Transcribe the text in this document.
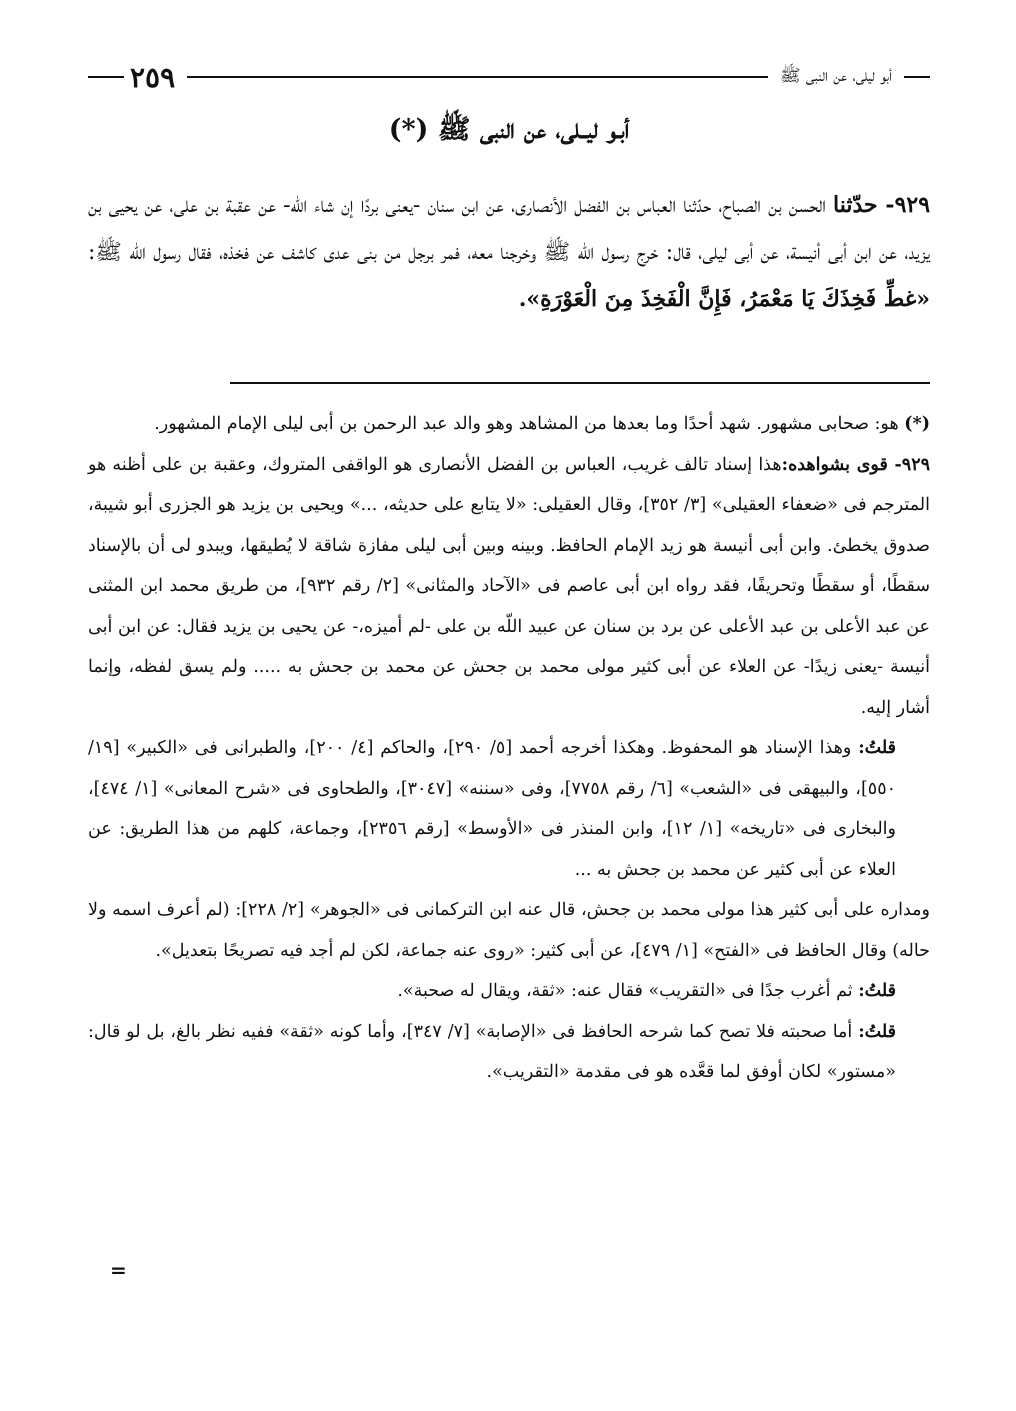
أبو ليلى، عن النبى ﷺ
٢٥٩
أبـو ليــلى، عن النبى ﷺ (*)
٩٢٩- حدّثنا الحسن بن الصباح، حدّثنا العباس بن الفضل الأنصارى، عن ابن سنان -يعنى بردًا إن شاء اللّه- عن عقبة بن على، عن يحيى بن يزيد، عن ابن أبى أنيسة، عن أبى ليلى، قال: خرج رسول اللّه ﷺ وخرجنا معه، فمر برجل من بنى عدى كاشف عن فخذه، فقال رسول اللّه ﷺ: «غطِّ فَخِذَكَ يَا مَعْمَرُ، فَإِنَّ الْفَخِذَ مِنَ الْعَوْرَةِ».

(*) هو: صحابى مشهور. شهد أحدًا وما بعدها من المشاهد وهو والد عبد الرحمن بن أبى ليلى الإمام المشهور.

٩٢٩- قوى بشواهده:هذا إسناد تالف غريب، العباس بن الفضل الأنصارى هو الواقفى المتروك، وعقبة بن على أظنه هو المترجم فى «ضعفاء العقيلى» [٣/ ٣٥٢]، وقال العقيلى: «لا يتابع على حديثه، ...» ويحيى بن يزيد هو الجزرى أبو شيبة، صدوق يخطئ. وابن أبى أنيسة هو زيد الإمام الحافظ. وبينه وبين أبى ليلى مفازة شاقة لا يُطيقها، ويبدو لى أن بالإسناد سقطًا، أو سقطًا وتحريفًا، فقد رواه ابن أبى عاصم فى «الآحاد والمثانى» [٢/ رقم ٩٣٢]، من طريق محمد ابن المثنى عن عبد الأعلى بن عبد الأعلى عن برد بن سنان عن عبيد اللّه بن على -لم أميزه،- عن يحيى بن يزيد فقال: عن ابن أبى أنيسة -يعنى زيدًا- عن العلاء عن أبى كثير مولى محمد بن جحش عن محمد بن جحش به ..... ولم يسق لفظه، وإنما أشار إليه.

قلتُ: وهذا الإسناد هو المحفوظ. وهكذا أخرجه أحمد [٥/ ٢٩٠]، والحاكم [٤/ ٢٠٠]، والطبرانى فى «الكبير» [١٩/ ٥٥٠]، والبيهقى فى «الشعب» [٦/ رقم ٧٧٥٨]، وفى «سننه» [٣٠٤٧]، والطحاوى فى «شرح المعانى» [١/ ٤٧٤]، والبخارى فى «تاريخه» [١/ ١٢]، وابن المنذر فى «الأوسط» [رقم ٢٣٥٦]، وجماعة، كلهم من هذا الطريق: عن العلاء عن أبى كثير عن محمد بن جحش به ...

ومداره على أبى كثير هذا مولى محمد بن جحش، قال عنه ابن التركمانى فى «الجوهر» [٢/ ٢٢٨]: (لم أعرف اسمه ولا حاله) وقال الحافظ فى «الفتح» [١/ ٤٧٩]، عن أبى كثير: «روى عنه جماعة، لكن لم أجد فيه تصريحًا بتعديل».

قلتُ: ثم أغرب جدًا فى «التقريب» فقال عنه: «ثقة، ويقال له صحبة».

قلتُ: أما صحبته فلا تصح كما شرحه الحافظ فى «الإصابة» [٧/ ٣٤٧]، وأما كونه «ثقة» ففيه نظر بالغ، بل لو قال: «مستور» لكان أوفق لما قعَّده هو فى مقدمة «التقريب».

=
